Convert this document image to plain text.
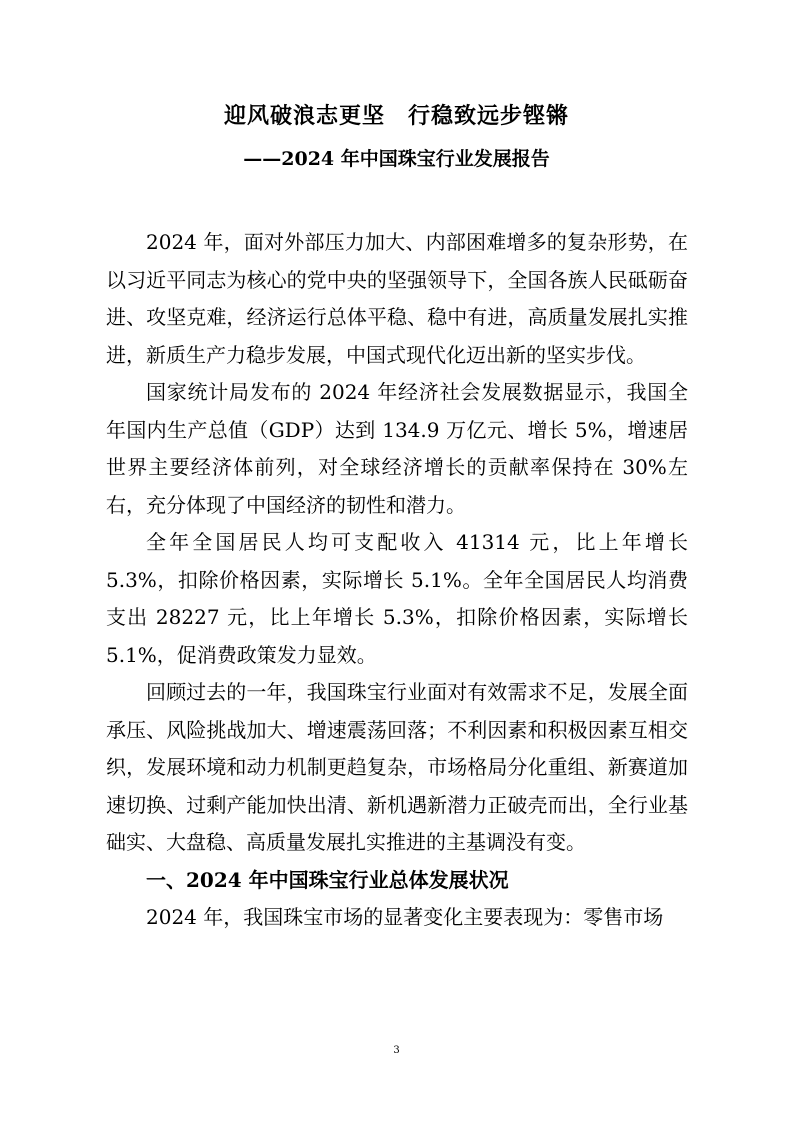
迎风破浪志更坚　行稳致远步铿锵
——2024 年中国珠宝行业发展报告

2024 年，面对外部压力加大、内部困难增多的复杂形势，在以习近平同志为核心的党中央的坚强领导下，全国各族人民砥砺奋进、攻坚克难，经济运行总体平稳、稳中有进，高质量发展扎实推进，新质生产力稳步发展，中国式现代化迈出新的坚实步伐。

国家统计局发布的 2024 年经济社会发展数据显示，我国全年国内生产总值（GDP）达到 134.9 万亿元、增长 5%，增速居世界主要经济体前列，对全球经济增长的贡献率保持在 30%左右，充分体现了中国经济的韧性和潜力。

全年全国居民人均可支配收入 41314 元，比上年增长 5.3%，扣除价格因素，实际增长 5.1%。全年全国居民人均消费支出 28227 元，比上年增长 5.3%，扣除价格因素，实际增长 5.1%，促消费政策发力显效。

回顾过去的一年，我国珠宝行业面对有效需求不足，发展全面承压、风险挑战加大、增速震荡回落；不利因素和积极因素互相交织，发展环境和动力机制更趋复杂，市场格局分化重组、新赛道加速切换、过剩产能加快出清、新机遇新潜力正破壳而出，全行业基础实、大盘稳、高质量发展扎实推进的主基调没有变。

一、2024 年中国珠宝行业总体发展状况

2024 年，我国珠宝市场的显著变化主要表现为：零售市场

3
